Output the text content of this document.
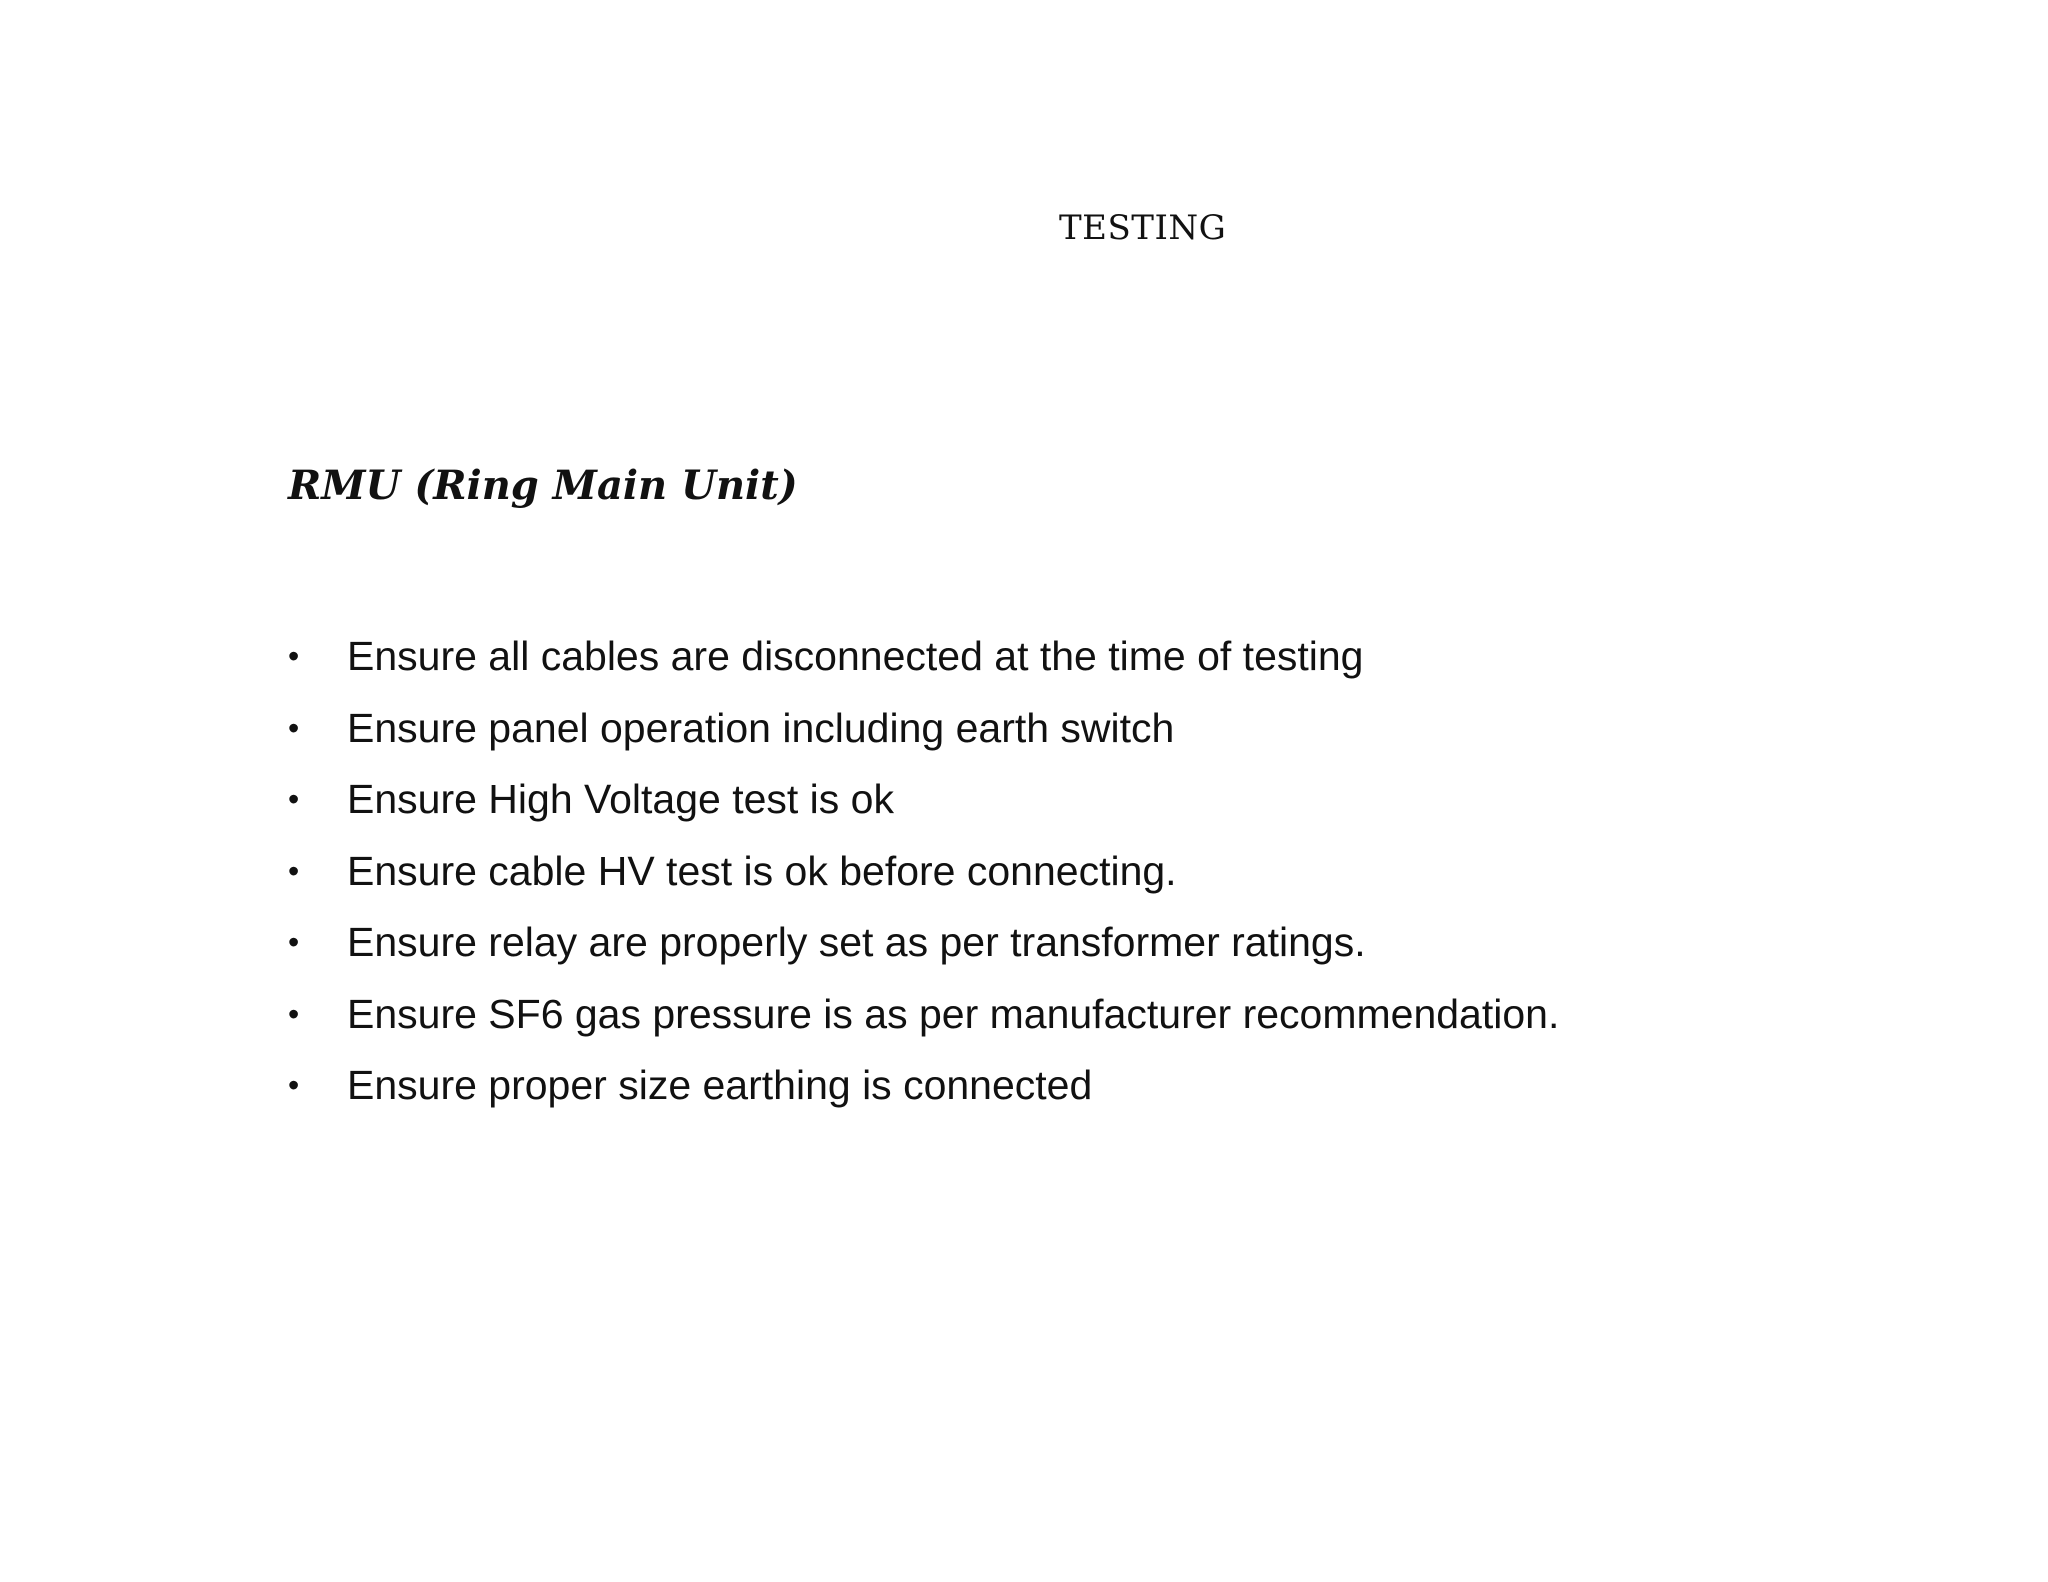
TESTING
RMU (Ring Main Unit)
• Ensure all cables are disconnected at the time of testing
• Ensure panel operation including earth switch
• Ensure High Voltage test is ok
• Ensure cable HV test is ok before connecting.
• Ensure relay are properly set as per transformer ratings.
• Ensure SF6 gas pressure is as per manufacturer recommendation.
• Ensure proper size earthing is connected
